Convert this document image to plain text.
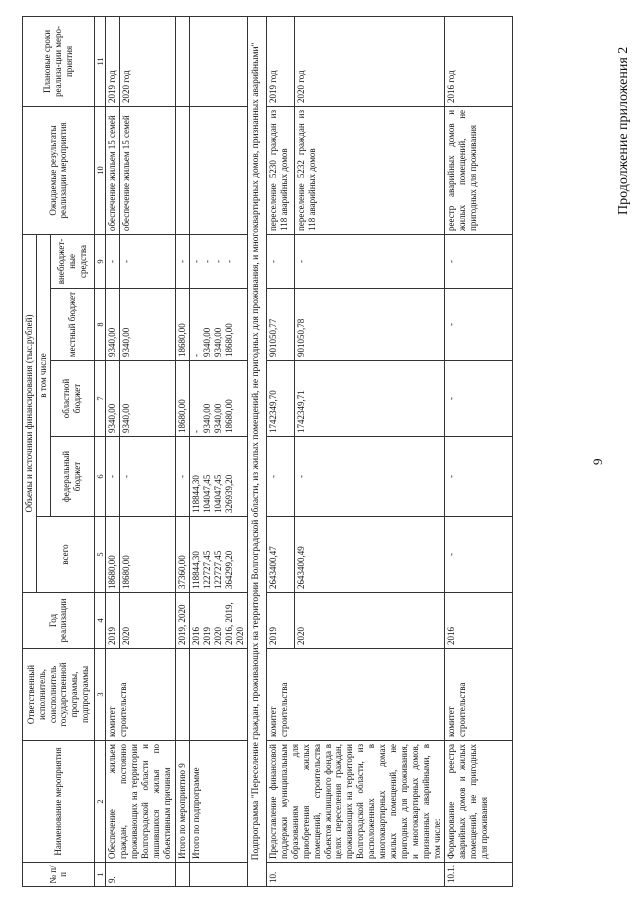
9
Продолжение приложения 2
№ п/п	Наименование мероприятия	Ответственный исполнитель, соисполнитель государственной программы, подпрограммы	Год реализации	Объемы и источники финансирования (тыс.рублей)					Ожидаемые результаты реализации мероприятия	Плановые сроки реализа-ции меро-приятия
				всего	в том числе					
					федеральный бюджет	областной бюджет	местный бюджет	внебюджет-ные средства		
1	2	3	4	5	6	7	8	9	10	11
9.	Обеспечение жильем граждан, постоянно проживающих на территории Волгоградской области и лишившихся жилья по объективным причинам	комитет строительства	2019	18680,00	-	9340,00	9340,00	-	обеспечение жильем 15 семей	2019 год
			2020	18680,00	-	9340,00	9340,00	-	обеспечение жильем 15 семей	2020 год
	Итого по мероприятию 9		2019, 2020	37360,00	-	18680,00	18680,00	-		
	Итого по подпрограмме		2016 2019 2020 2016, 2019, 2020	118844,30 122727,45 122727,45 364299,20	118844,30 104047,45 104047,45 326939,20	- 9340,00 9340,00 18680,00	- 9340,00 9340,00 18680,00	- - - -		

Подпрограмма "Переселение граждан, проживающих на территории Волгоградской области, из жилых помещений, не пригодных для проживания, и многоквартирных домов, признанных аварийными"										
10.	Предоставление финансовой поддержки муниципальным образованиям для приобретения жилых помещений, строительства объектов жилищного фонда в целях переселения граждан, проживающих на территории Волгоградской области, из расположенных в многоквартирных домах жилых помещений, не пригодных для проживания, и многоквартирных домов, признанных аварийными, в том числе:	комитет строительства	2019	2643400,47	-	1742349,70	901050,77	-	переселение 5230 граждан из 118 аварийных домов	2019 год
			2020	2643400,49	-	1742349,71	901050,78	-	переселение 5232 граждан из 118 аварийных домов	2020 год
10.1.	Формирование реестра аварийных домов и жилых помещений, не пригодных для проживания	комитет строительства	2016	-	-	-	-	-	реестр аварийных домов и жилых помещений, не пригодных для проживания	2016 год
